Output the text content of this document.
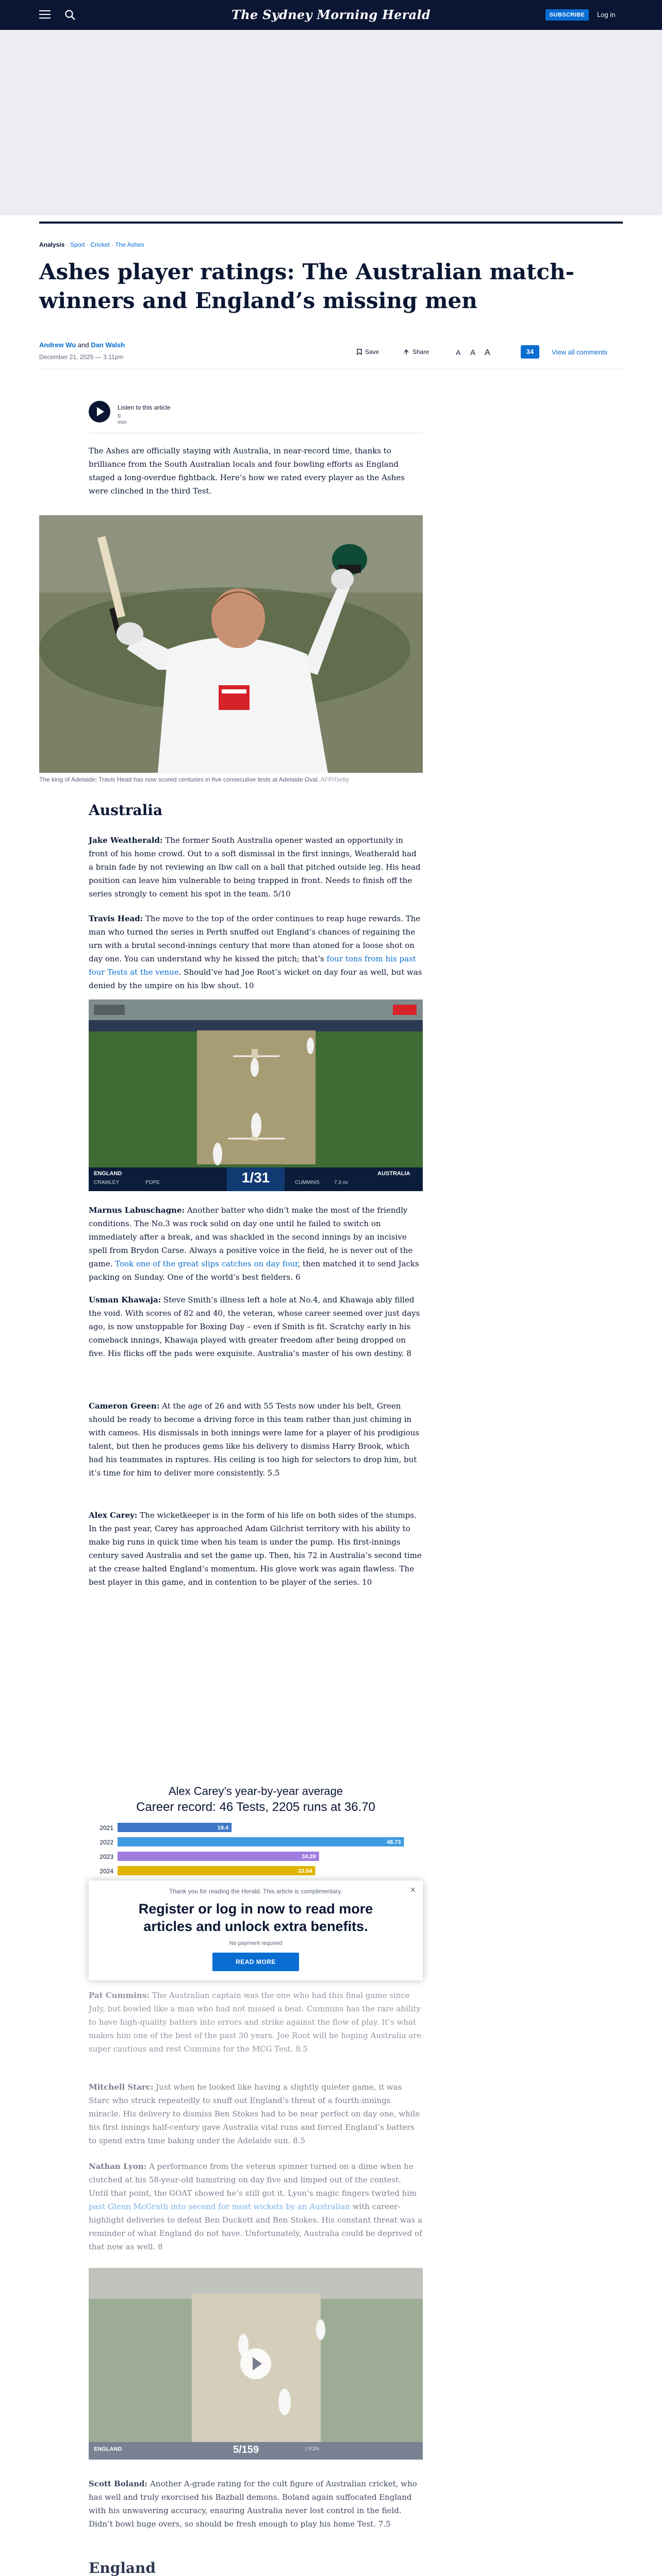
The Sydney Morning Herald	SUBSCRIBE	Log in
Analysis · Sport · Cricket · The Ashes
Ashes player ratings: The Australian match-winners and England’s missing men
Andrew Wu and Dan Walsh
December 21, 2025 — 3.11pm
Save	Share	A A A	34	View all comments
Listen to this article
9 min

The Ashes are officially staying with Australia, in near-record time, thanks to brilliance from the South Australian locals and four bowling efforts as England staged a long-overdue fightback. Here’s how we rated every player as the Ashes were clinched in the third Test.

The king of Adelaide: Travis Head has now scored centuries in five consecutive tests at Adelaide Oval. AFP/Getty
Australia

Jake Weatherald: The former South Australia opener wasted an opportunity in front of his home crowd. Out to a soft dismissal in the first innings, Weatherald had a brain fade by not reviewing an lbw call on a ball that pitched outside leg. His head position can leave him vulnerable to being trapped in front. Needs to finish off the series strongly to cement his spot in the team. 5/10

Travis Head: The move to the top of the order continues to reap huge rewards. The man who turned the series in Perth snuffed out England’s chances of regaining the urn with a brutal second-innings century that more than atoned for a loose shot on day one. You can understand why he kissed the pitch; that’s four tons from his past four Tests at the venue. Should’ve had Joe Root’s wicket on day four as well, but was denied by the umpire on his lbw shout. 10

ENGLAND
CRAWLEY	POPE	1/31	CUMMINS	7.3 ov
AUSTRALIA

Marnus Labuschagne: Another batter who didn’t make the most of the friendly conditions. The No.3 was rock solid on day one until he failed to switch on immediately after a break, and was shackled in the second innings by an incisive spell from Brydon Carse. Always a positive voice in the field, he is never out of the game. Took one of the great slips catches on day four, then matched it to send Jacks packing on Sunday. One of the world’s best fielders. 6

Usman Khawaja: Steve Smith’s illness left a hole at No.4, and Khawaja ably filled the void. With scores of 82 and 40, the veteran, whose career seemed over just days ago, is now unstoppable for Boxing Day – even if Smith is fit. Scratchy early in his comeback innings, Khawaja played with greater freedom after being dropped on five. His flicks off the pads were exquisite. Australia’s master of his own destiny. 8

Cameron Green: At the age of 26 and with 55 Tests now under his belt, Green should be ready to become a driving force in this team rather than just chiming in with cameos. His dismissals in both innings were lame for a player of his prodigious talent, but then he produces gems like his delivery to dismiss Harry Brook, which had his teammates in raptures. His ceiling is too high for selectors to drop him, but it’s time for him to deliver more consistently. 5.5

Alex Carey: The wicketkeeper is in the form of his life on both sides of the stumps. In the past year, Carey has approached Adam Gilchrist territory with his ability to make big runs in quick time when his team is under the pump. His first-innings century saved Australia and set the game up. Then, his 72 in Australia’s second time at the crease halted England’s momentum. His glove work was again flawless. The best player in this game, and in contention to be player of the series. 10

Alex Carey’s year-by-year average
Career record: 46 Tests, 2205 runs at 36.70
2021	19.4
2022	48.73
2023	34.28
2024	33.64

Pat Cummins: The Australian captain was the one who had this final game since July, but bowled like a man who had not missed a beat. Cummins has the rare ability to have high-quality batters into errors and strike against the flow of play. It’s what makes him one of the best of the past 30 years. Joe Root will be hoping Australia are super cautious and rest Cummins for the MCG Test. 8.5

Mitchell Starc: Just when he looked like having a slightly quieter game, it was Starc who struck repeatedly to snuff out England’s threat of a fourth-innings miracle. His delivery to dismiss Ben Stokes had to be near perfect on day one, while his first innings half-century gave Australia vital runs and forced England’s batters to spend extra time baking under the Adelaide sun. 8.5

Nathan Lyon: A performance from the veteran spinner turned on a dime when he clutched at his 58-year-old hamstring on day five and limped out of the contest. Until that point, the GOAT showed he’s still got it. Lyon’s magic fingers twirled him past Glenn McGrath into second for most wickets by an Australian with career-highlight deliveries to defeat Ben Duckett and Ben Stokes. His constant threat was a reminder of what England do not have. Unfortunately, Australia could be deprived of that now as well. 8

ENGLAND	5/159	LYON

Scott Boland: Another A-grade rating for the cult figure of Australian cricket, who has well and truly exorcised his Bazball demons. Boland again suffocated England with his unwavering accuracy, ensuring Australia never lost control in the field. Didn’t bowl huge overs, so should be fresh enough to play his home Test. 7.5

England

Thank you for reading the Herald. This article is complimentary.	×
Register or log in now to read more articles and unlock extra benefits.
No payment required
READ MORE
